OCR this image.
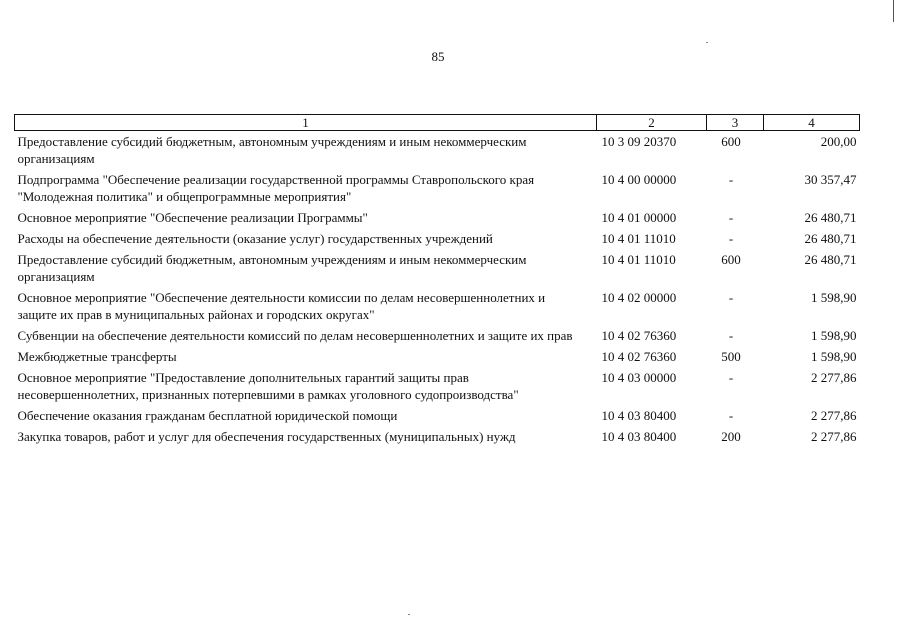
85
1	2	3	4
Предоставление субсидий бюджетным, автономным учреждениям и иным некоммерческим организациям	10 3 09 20370	600	200,00
Подпрограмма "Обеспечение реализации государственной программы Ставропольского края "Молодежная политика" и общепрограммные мероприятия"	10 4 00 00000	-	30 357,47
Основное мероприятие "Обеспечение реализации Программы"	10 4 01 00000	-	26 480,71
Расходы на обеспечение деятельности (оказание услуг) государственных учреждений	10 4 01 11010	-	26 480,71
Предоставление субсидий бюджетным, автономным учреждениям и иным некоммерческим организациям	10 4 01 11010	600	26 480,71
Основное мероприятие "Обеспечение деятельности комиссии по делам несовершеннолетних и защите их прав в муниципальных районах и городских округах"	10 4 02 00000	-	1 598,90
Субвенции на обеспечение деятельности комиссий по делам несовершеннолетних и защите их прав	10 4 02 76360	-	1 598,90
Межбюджетные трансферты	10 4 02 76360	500	1 598,90
Основное мероприятие "Предоставление дополнительных гарантий защиты прав несовершеннолетних, признанных потерпевшими в рамках уголовного судопроизводства"	10 4 03 00000	-	2 277,86
Обеспечение оказания гражданам бесплатной юридической помощи	10 4 03 80400	-	2 277,86
Закупка товаров, работ и услуг для обеспечения государственных (муниципальных) нужд	10 4 03 80400	200	2 277,86
